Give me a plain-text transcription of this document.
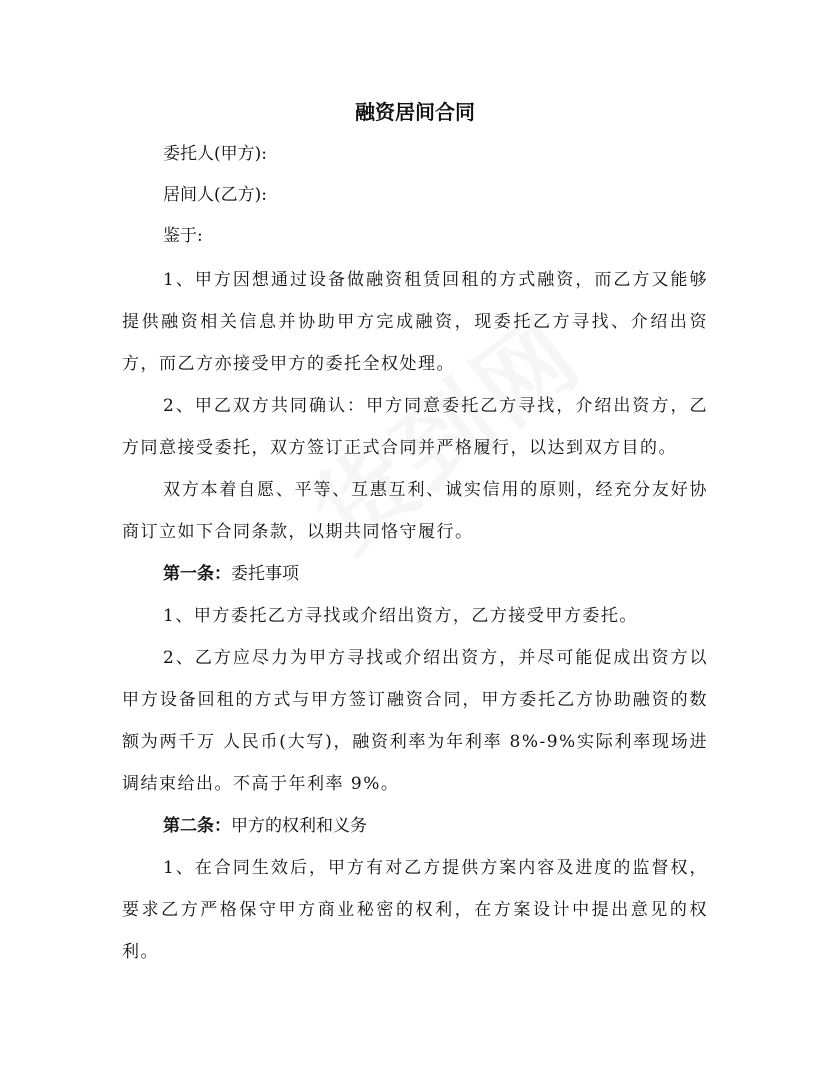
融资居间合同

委托人(甲方):

居间人(乙方):

鉴于:

1、甲方因想通过设备做融资租赁回租的方式融资，而乙方又能够提供融资相关信息并协助甲方完成融资，现委托乙方寻找、介绍出资方，而乙方亦接受甲方的委托全权处理。

2、甲乙双方共同确认：甲方同意委托乙方寻找，介绍出资方，乙方同意接受委托，双方签订正式合同并严格履行，以达到双方目的。

双方本着自愿、平等、互惠互利、诚实信用的原则，经充分友好协商订立如下合同条款，以期共同恪守履行。

第一条：委托事项

1、甲方委托乙方寻找或介绍出资方，乙方接受甲方委托。

2、乙方应尽力为甲方寻找或介绍出资方，并尽可能促成出资方以甲方设备回租的方式与甲方签订融资合同，甲方委托乙方协助融资的数额为两千万 人民币(大写)，融资利率为年利率 8%-9%实际利率现场进调结束给出。不高于年利率 9%。

第二条：甲方的权利和义务

1、在合同生效后，甲方有对乙方提供方案内容及进度的监督权，要求乙方严格保守甲方商业秘密的权利，在方案设计中提出意见的权利。
